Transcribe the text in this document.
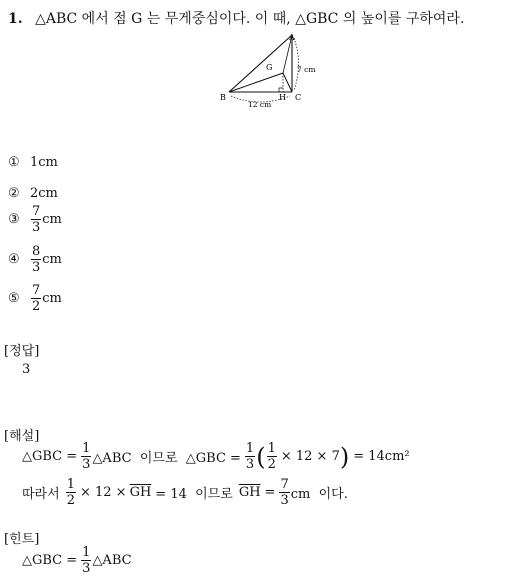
1. △ABC 에서 점 G 는 무게중심이다. 이 때, △GBC 의 높이를 구하여라.
A
B	C
G
H
7 cm
12 cm
① 1cm
② 2cm
③ $\frac{7}{3}$ cm
④ $\frac{8}{3}$ cm
⑤ $\frac{7}{2}$ cm
[정답]
3
[해설]
△GBC = $\frac{1}{3}$ △ABC  이므로  △GBC = $\frac{1}{3}$ ( $\frac{1}{2} \times 12 \times 7$ ) = 14cm²
따라서 $\frac{1}{2} \times 12 \times \overline{GH} = 14$  이므로 $\overline{GH} = \frac{7}{3}$ cm  이다.
[힌트]
△GBC = $\frac{1}{3}$ △ABC
